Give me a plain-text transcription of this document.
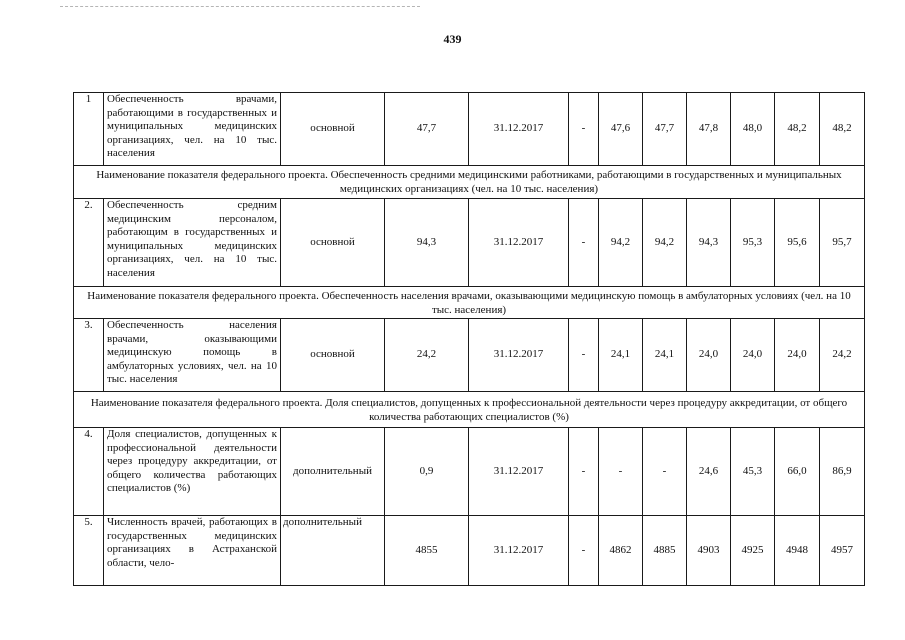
439
1	Обеспеченность врачами, работающими в государственных и муниципальных медицинских организациях, чел. на 10 тыс. населения	основной	47,7	31.12.2017	-	47,6	47,7	47,8	48,0	48,2	48,2
Наименование показателя федерального проекта. Обеспеченность средними медицинскими работниками, работающими в государственных и муниципальных медицинских организациях (чел. на 10 тыс. населения)											
2.	Обеспеченность средним медицинским персоналом, работающим в государственных и муниципальных медицинских организациях, чел. на 10 тыс. населения	основной	94,3	31.12.2017	-	94,2	94,2	94,3	95,3	95,6	95,7
Наименование показателя федерального проекта. Обеспеченность населения врачами, оказывающими медицинскую помощь в амбулаторных условиях (чел. на 10 тыс. населения)											
3.	Обеспеченность населения врачами, оказывающими медицинскую помощь в амбулаторных условиях, чел. на 10 тыс. населения	основной	24,2	31.12.2017	-	24,1	24,1	24,0	24,0	24,0	24,2
Наименование показателя федерального проекта. Доля специалистов, допущенных к профессиональной деятельности через процедуру аккредитации, от общего количества работающих специалистов (%)											
4.	Доля специалистов, допущенных к профессиональной деятельности через процедуру аккредитации, от общего количества работающих специалистов (%)	дополнительный	0,9	31.12.2017	-	-	-	24,6	45,3	66,0	86,9
5.	Численность врачей, работающих в государственных медицинских организациях в Астраханской области, чело-	дополнительный	4855	31.12.2017	-	4862	4885	4903	4925	4948	4957
